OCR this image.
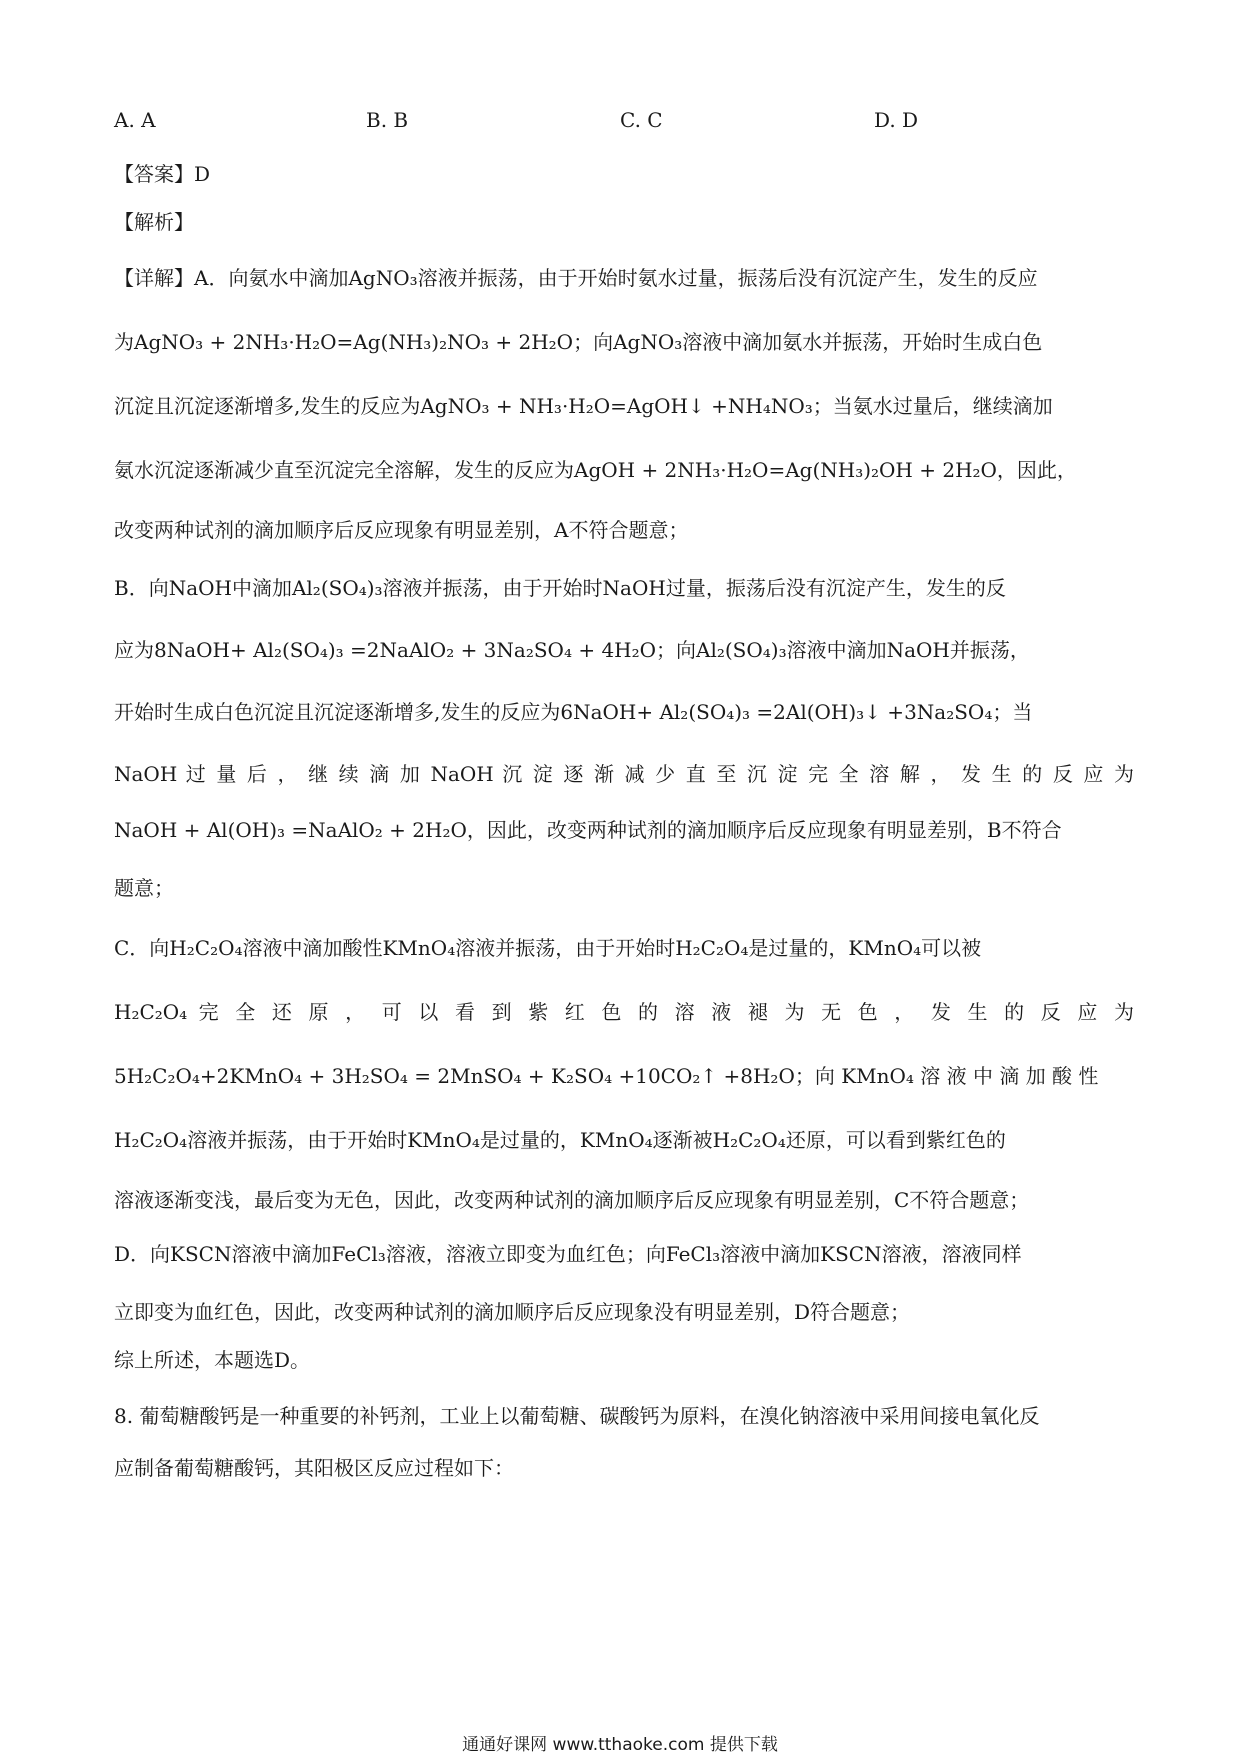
A. A	B. B	C. C	D. D
【答案】D
【解析】
【详解】A．向氨水中滴加AgNO₃溶液并振荡，由于开始时氨水过量，振荡后没有沉淀产生，发生的反应
为AgNO₃ + 2NH₃·H₂O=Ag(NH₃)₂NO₃ + 2H₂O；向AgNO₃溶液中滴加氨水并振荡，开始时生成白色
沉淀且沉淀逐渐增多,发生的反应为AgNO₃ + NH₃·H₂O=AgOH↓ +NH₄NO₃；当氨水过量后，继续滴加
氨水沉淀逐渐减少直至沉淀完全溶解，发生的反应为AgOH + 2NH₃·H₂O=Ag(NH₃)₂OH + 2H₂O，因此，
改变两种试剂的滴加顺序后反应现象有明显差别，A不符合题意；
B．向NaOH中滴加Al₂(SO₄)₃溶液并振荡，由于开始时NaOH过量，振荡后没有沉淀产生，发生的反
应为8NaOH+ Al₂(SO₄)₃ =2NaAlO₂ + 3Na₂SO₄ + 4H₂O；向Al₂(SO₄)₃溶液中滴加NaOH并振荡，
开始时生成白色沉淀且沉淀逐渐增多,发生的反应为6NaOH+ Al₂(SO₄)₃ =2Al(OH)₃↓ +3Na₂SO₄；当
NaOH 过 量 后 ， 继 续 滴 加 NaOH 沉 淀 逐 渐 减 少 直 至 沉 淀 完 全 溶 解 ， 发 生 的 反 应 为
NaOH + Al(OH)₃ =NaAlO₂ + 2H₂O，因此，改变两种试剂的滴加顺序后反应现象有明显差别，B不符合
题意；
C．向H₂C₂O₄溶液中滴加酸性KMnO₄溶液并振荡，由于开始时H₂C₂O₄是过量的，KMnO₄可以被
H₂C₂O₄ 完 全 还 原 ， 可 以 看 到 紫 红 色 的 溶 液 褪 为 无 色 ， 发 生 的 反 应 为
5H₂C₂O₄+2KMnO₄ + 3H₂SO₄ = 2MnSO₄ + K₂SO₄ +10CO₂↑ +8H₂O；向 KMnO₄ 溶 液 中 滴 加 酸 性
H₂C₂O₄溶液并振荡，由于开始时KMnO₄是过量的，KMnO₄逐渐被H₂C₂O₄还原，可以看到紫红色的
溶液逐渐变浅，最后变为无色，因此，改变两种试剂的滴加顺序后反应现象有明显差别，C不符合题意；
D．向KSCN溶液中滴加FeCl₃溶液，溶液立即变为血红色；向FeCl₃溶液中滴加KSCN溶液，溶液同样
立即变为血红色，因此，改变两种试剂的滴加顺序后反应现象没有明显差别，D符合题意；
综上所述，本题选D。
8. 葡萄糖酸钙是一种重要的补钙剂，工业上以葡萄糖、碳酸钙为原料，在溴化钠溶液中采用间接电氧化反
应制备葡萄糖酸钙，其阳极区反应过程如下：
通通好课网 www.tthaoke.com 提供下载
